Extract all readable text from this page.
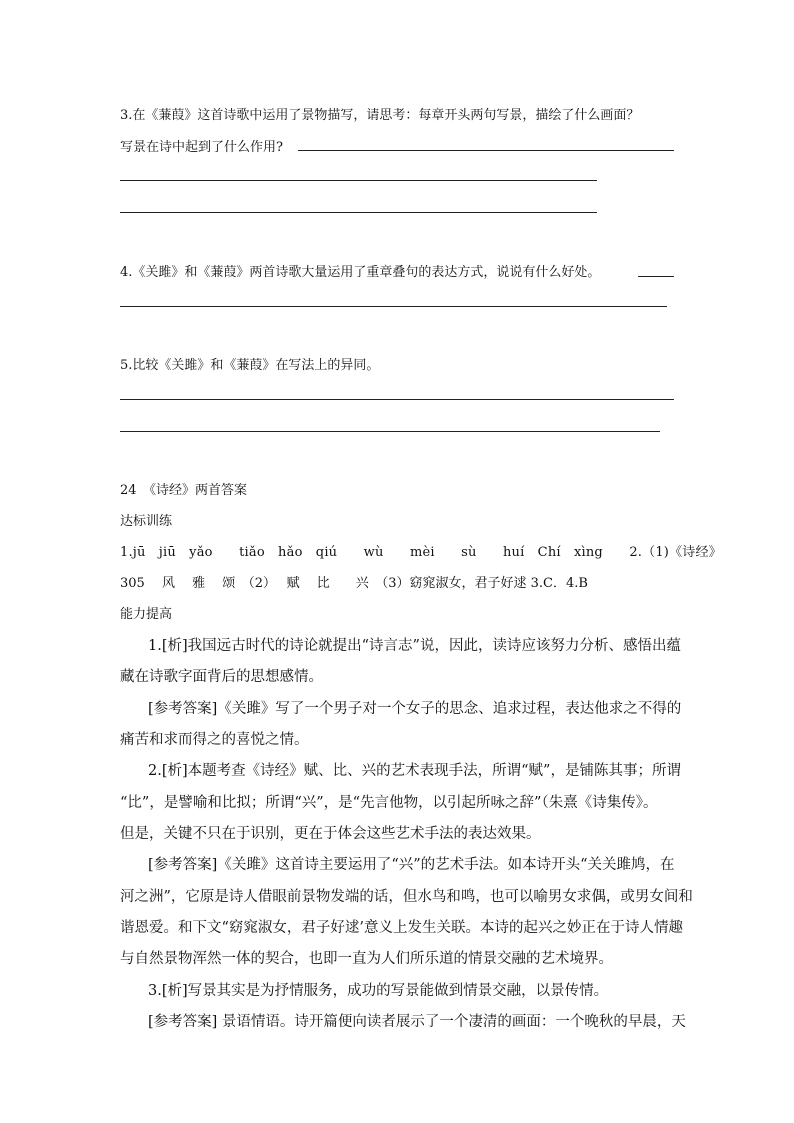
3.在《蒹葭》这首诗歌中运用了景物描写，请思考：每章开头两句写景，描绘了什么画面？
写景在诗中起到了什么作用?
4.《关雎》和《蒹葭》两首诗歌大量运用了重章叠句的表达方式，说说有什么好处。
5.比较《关雎》和《蒹葭》在写法上的异同。
24　《诗经》两首答案
达标训练
1.jū　jiū　yǎo　　tiǎo　hǎo　qiú　　wù　　mèi　　sù　　huí　Chí　xìng　　2.（1)《诗经》
305　 风　 雅　 颂　（2）　 赋　 比　　兴　（3）窈窕淑女，君子好逑 3.C．4.B
能力提高
1.[析]我国远古时代的诗论就提出“诗言志”说，因此，读诗应该努力分析、感悟出蕴
藏在诗歌字面背后的思想感情。
[参考答案]《关雎》写了一个男子对一个女子的思念、追求过程，表达他求之不得的
痛苦和求而得之的喜悦之情。
2.[析]本题考查《诗经》赋、比、兴的艺术表现手法，所谓“赋”，是铺陈其事；所谓
“比”，是譬喻和比拟；所谓“兴”，是“先言他物，以引起所咏之辞”（朱熹《诗集传》。
但是，关键不只在于识别，更在于体会这些艺术手法的表达效果。
[参考答案]《关雎》这首诗主要运用了“兴”的艺术手法。如本诗开头“关关雎鸠，在
河之洲”，它原是诗人借眼前景物发端的话，但水鸟和鸣，也可以喻男女求偶，或男女间和
谐恩爱。和下文“窈窕淑女，君子好逑’意义上发生关联。本诗的起兴之妙正在于诗人情趣
与自然景物浑然一体的契合，也即一直为人们所乐道的情景交融的艺术境界。
3.[析]写景其实是为抒情服务，成功的写景能做到情景交融，以景传情。
[参考答案] 景语情语。诗开篇便向读者展示了一个凄清的画面：一个晚秋的早晨，天
